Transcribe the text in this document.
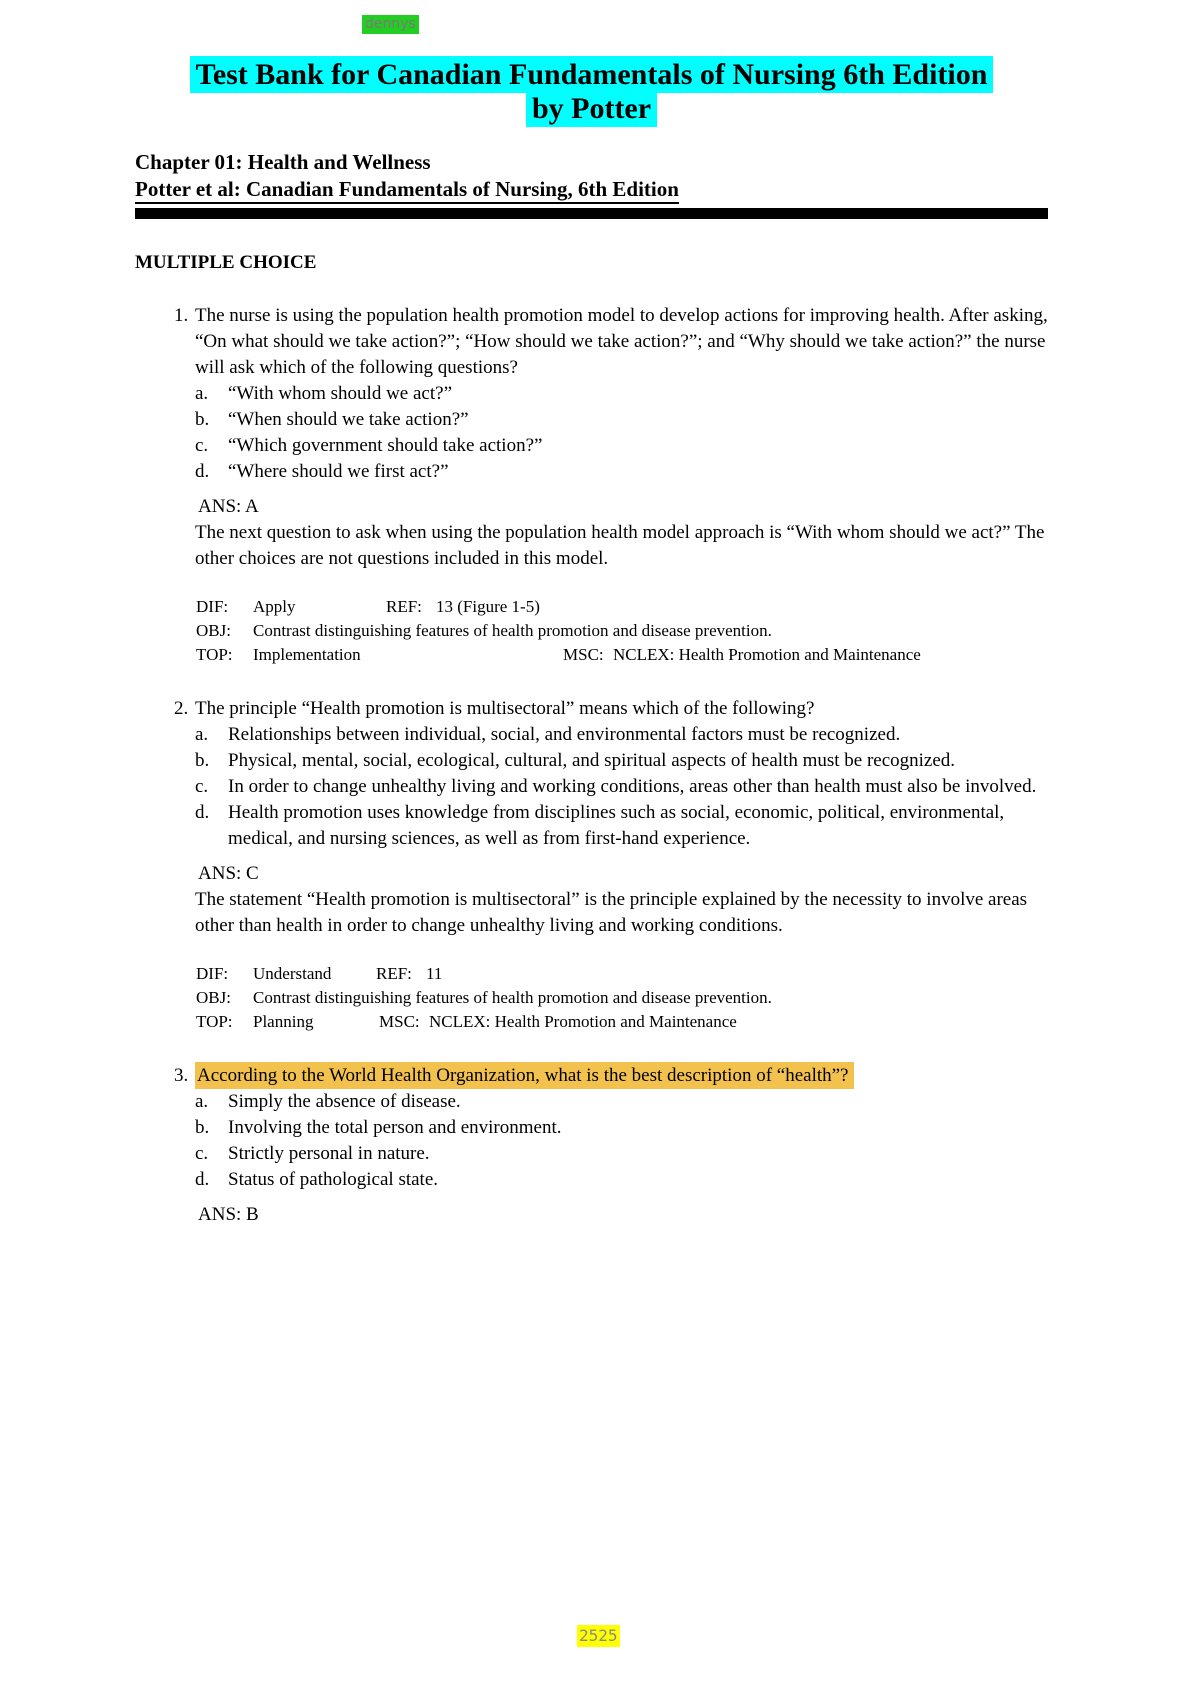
dennys
Test Bank for Canadian Fundamentals of Nursing 6th Edition by Potter
Chapter 01: Health and Wellness
Potter et al: Canadian Fundamentals of Nursing, 6th Edition
MULTIPLE CHOICE
1. The nurse is using the population health promotion model to develop actions for improving health. After asking, “On what should we take action?”; “How should we take action?”; and “Why should we take action?” the nurse will ask which of the following questions?
a.	“With whom should we act?”
b. “When should we take action?”
c.	“Which government should take action?”
d. “Where should we first act?”
ANS: A
The next question to ask when using the population health model approach is “With whom should we act?” The other choices are not questions included in this model.
DIF: Apply	REF: 13 (Figure 1-5)
OBJ: Contrast distinguishing features of health promotion and disease prevention.
TOP: Implementation	MSC: NCLEX: Health Promotion and Maintenance
2. The principle “Health promotion is multisectoral” means which of the following?
a.	Relationships between individual, social, and environmental factors must be recognized.
b. Physical, mental, social, ecological, cultural, and spiritual aspects of health must be recognized.
c.	In order to change unhealthy living and working conditions, areas other than health must also be involved.
d. Health promotion uses knowledge from disciplines such as social, economic, political, environmental, medical, and nursing sciences, as well as from first-hand experience.
ANS: C
The statement “Health promotion is multisectoral” is the principle explained by the necessity to involve areas other than health in order to change unhealthy living and working conditions.
DIF: Understand	REF: 11
OBJ: Contrast distinguishing features of health promotion and disease prevention.
TOP: Planning	MSC: NCLEX: Health Promotion and Maintenance
3. According to the World Health Organization, what is the best description of “health”?
a.	Simply the absence of disease.
b. Involving the total person and environment.
c.	Strictly personal in nature.
d. Status of pathological state.
ANS: B
2525
